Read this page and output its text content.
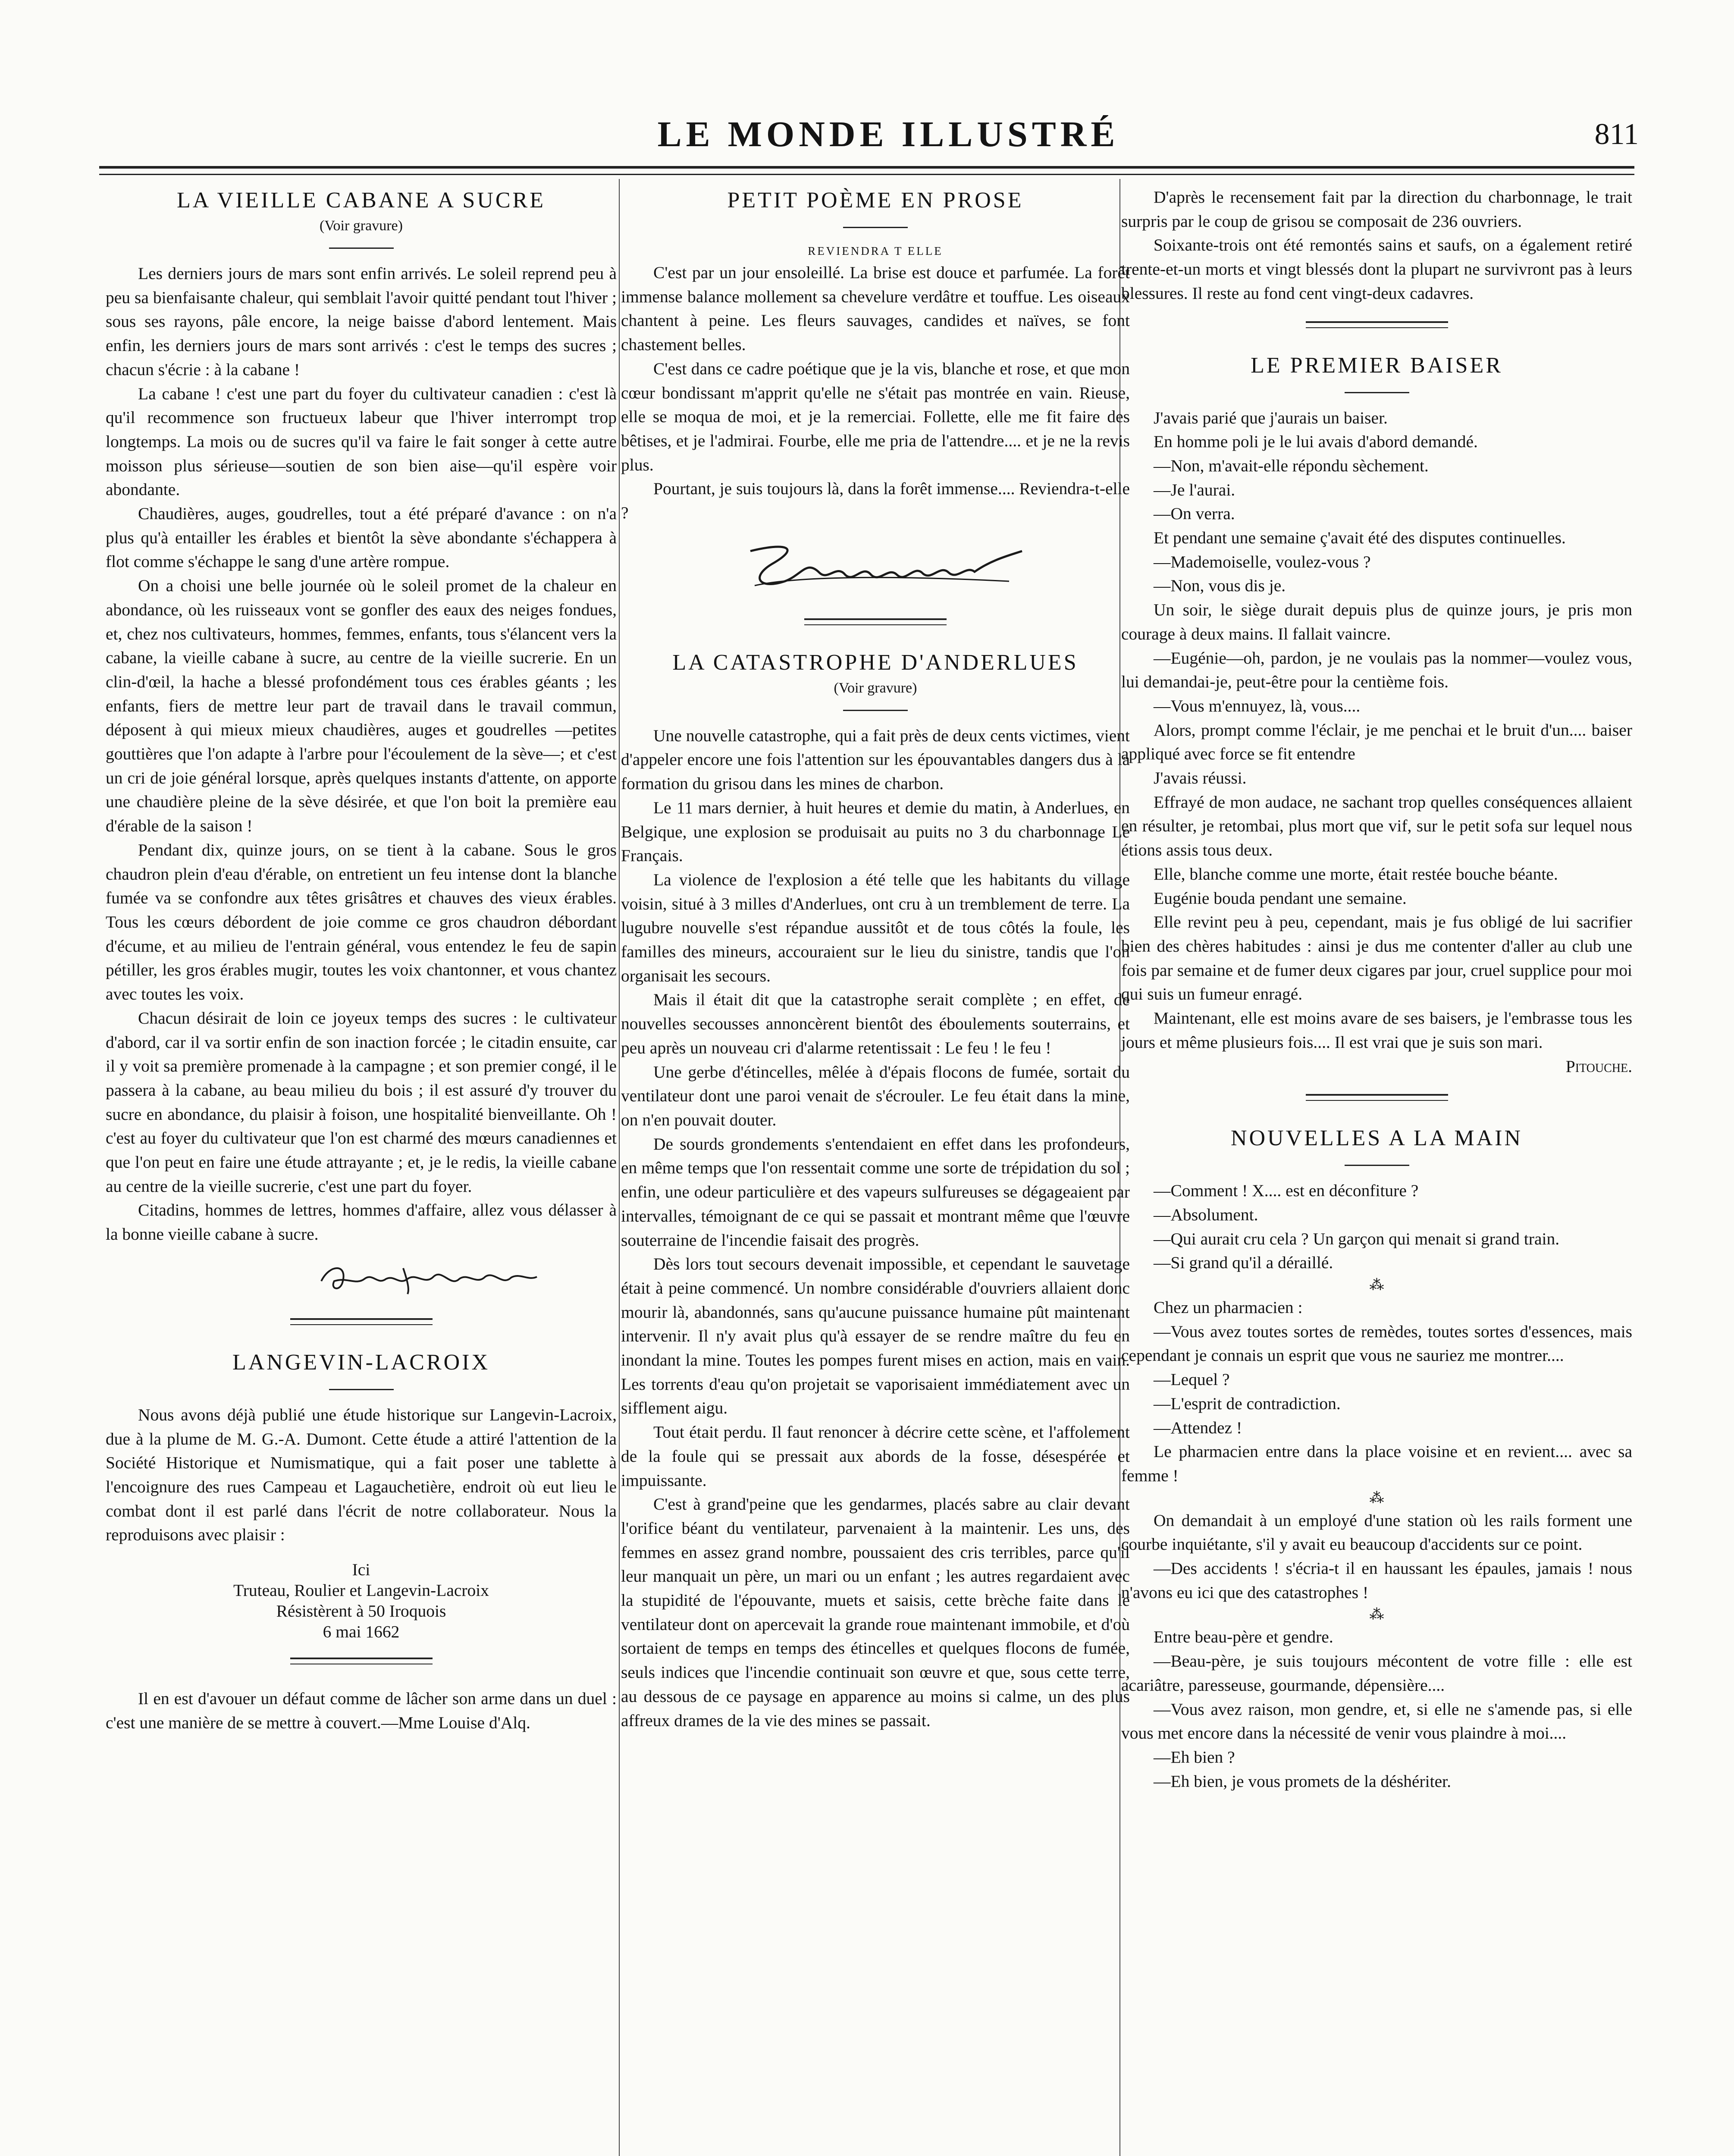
LE MONDE ILLUSTRÉ	811
LA VIEILLE CABANE A SUCRE
(Voir gravure)

Les derniers jours de mars sont enfin arrivés. Le soleil reprend peu à peu sa bienfaisante chaleur, qui semblait l'avoir quitté pendant tout l'hiver ; sous ses rayons, pâle encore, la neige baisse d'abord lentement. Mais enfin, les derniers jours de mars sont arrivés : c'est le temps des sucres ; chacun s'écrie : à la cabane !

La cabane ! c'est une part du foyer du cultivateur canadien : c'est là qu'il recommence son fructueux labeur que l'hiver interrompt trop longtemps. La mois ou de sucres qu'il va faire le fait songer à cette autre moisson plus sérieuse—soutien de son bien aise—qu'il espère voir abondante.

Chaudières, auges, goudrelles, tout a été préparé d'avance : on n'a plus qu'à entailler les érables et bientôt la sève abondante s'échappera à flot comme s'échappe le sang d'une artère rompue.

On a choisi une belle journée où le soleil promet de la chaleur en abondance, où les ruisseaux vont se gonfler des eaux des neiges fondues, et, chez nos cultivateurs, hommes, femmes, enfants, tous s'élancent vers la cabane, la vieille cabane à sucre, au centre de la vieille sucrerie. En un clin-d'œil, la hache a blessé profondément tous ces érables géants ; les enfants, fiers de mettre leur part de travail dans le travail commun, déposent à qui mieux mieux chaudières, auges et goudrelles —petites gouttières que l'on adapte à l'arbre pour l'écoulement de la sève—; et c'est un cri de joie général lorsque, après quelques instants d'attente, on apporte une chaudière pleine de la sève désirée, et que l'on boit la première eau d'érable de la saison !

Pendant dix, quinze jours, on se tient à la cabane. Sous le gros chaudron plein d'eau d'érable, on entretient un feu intense dont la blanche fumée va se confondre aux têtes grisâtres et chauves des vieux érables. Tous les cœurs débordent de joie comme ce gros chaudron débordant d'écume, et au milieu de l'entrain général, vous entendez le feu de sapin pétiller, les gros érables mugir, toutes les voix chantonner, et vous chantez avec toutes les voix.

Chacun désirait de loin ce joyeux temps des sucres : le cultivateur d'abord, car il va sortir enfin de son inaction forcée ; le citadin ensuite, car il y voit sa première promenade à la campagne ; et son premier congé, il le passera à la cabane, au beau milieu du bois ; il est assuré d'y trouver du sucre en abondance, du plaisir à foison, une hospitalité bienveillante. Oh ! c'est au foyer du cultivateur que l'on est charmé des mœurs canadiennes et que l'on peut en faire une étude attrayante ; et, je le redis, la vieille cabane au centre de la vieille sucrerie, c'est une part du foyer.

Citadins, hommes de lettres, hommes d'affaire, allez vous délasser à la bonne vieille cabane à sucre.

LANGEVIN-LACROIX

Nous avons déjà publié une étude historique sur Langevin-Lacroix, due à la plume de M. G.-A. Dumont. Cette étude a attiré l'attention de la Société Historique et Numismatique, qui a fait poser une tablette à l'encoignure des rues Campeau et Lagauchetière, endroit où eut lieu le combat dont il est parlé dans l'écrit de notre collaborateur. Nous la reproduisons avec plaisir :

Ici
Truteau, Roulier et Langevin-Lacroix
Résistèrent à 50 Iroquois
6 mai 1662

Il en est d'avouer un défaut comme de lâcher son arme dans un duel : c'est une manière de se mettre à couvert.—Mme Louise d'Alq.

PETIT POÈME EN PROSE
REVIENDRA T ELLE

C'est par un jour ensoleillé. La brise est douce et parfumée. La forêt immense balance mollement sa chevelure verdâtre et touffue. Les oiseaux chantent à peine. Les fleurs sauvages, candides et naïves, se font chastement belles.

C'est dans ce cadre poétique que je la vis, blanche et rose, et que mon cœur bondissant m'apprit qu'elle ne s'était pas montrée en vain. Rieuse, elle se moqua de moi, et je la remerciai. Follette, elle me fit faire des bêtises, et je l'admirai. Fourbe, elle me pria de l'attendre.... et je ne la revis plus.

Pourtant, je suis toujours là, dans la forêt immense.... Reviendra-t-elle ?

LA CATASTROPHE D'ANDERLUES
(Voir gravure)

Une nouvelle catastrophe, qui a fait près de deux cents victimes, vient d'appeler encore une fois l'attention sur les épouvantables dangers dus à la formation du grisou dans les mines de charbon.

Le 11 mars dernier, à huit heures et demie du matin, à Anderlues, en Belgique, une explosion se produisait au puits no 3 du charbonnage Le Français.

La violence de l'explosion a été telle que les habitants du village voisin, situé à 3 milles d'Anderlues, ont cru à un tremblement de terre. La lugubre nouvelle s'est répandue aussitôt et de tous côtés la foule, les familles des mineurs, accouraient sur le lieu du sinistre, tandis que l'on organisait les secours.

Mais il était dit que la catastrophe serait complète ; en effet, de nouvelles secousses annoncèrent bientôt des éboulements souterrains, et peu après un nouveau cri d'alarme retentissait : Le feu ! le feu !

Une gerbe d'étincelles, mêlée à d'épais flocons de fumée, sortait du ventilateur dont une paroi venait de s'écrouler. Le feu était dans la mine, on n'en pouvait douter.

De sourds grondements s'entendaient en effet dans les profondeurs, en même temps que l'on ressentait comme une sorte de trépidation du sol ; enfin, une odeur particulière et des vapeurs sulfureuses se dégageaient par intervalles, témoignant de ce qui se passait et montrant même que l'œuvre souterraine de l'incendie faisait des progrès.

Dès lors tout secours devenait impossible, et cependant le sauvetage était à peine commencé. Un nombre considérable d'ouvriers allaient donc mourir là, abandonnés, sans qu'aucune puissance humaine pût maintenant intervenir. Il n'y avait plus qu'à essayer de se rendre maître du feu en inondant la mine. Toutes les pompes furent mises en action, mais en vain. Les torrents d'eau qu'on projetait se vaporisaient immédiatement avec un sifflement aigu.

Tout était perdu. Il faut renoncer à décrire cette scène, et l'affolement de la foule qui se pressait aux abords de la fosse, désespérée et impuissante.

C'est à grand'peine que les gendarmes, placés sabre au clair devant l'orifice béant du ventilateur, parvenaient à la maintenir. Les uns, des femmes en assez grand nombre, poussaient des cris terribles, parce qu'il leur manquait un père, un mari ou un enfant ; les autres regardaient avec la stupidité de l'épouvante, muets et saisis, cette brèche faite dans le ventilateur dont on apercevait la grande roue maintenant immobile, et d'où sortaient de temps en temps des étincelles et quelques flocons de fumée, seuls indices que l'incendie continuait son œuvre et que, sous cette terre, au dessous de ce paysage en apparence au moins si calme, un des plus affreux drames de la vie des mines se passait.

D'après le recensement fait par la direction du charbonnage, le trait surpris par le coup de grisou se composait de 236 ouvriers.

Soixante-trois ont été remontés sains et saufs, on a également retiré trente-et-un morts et vingt blessés dont la plupart ne survivront pas à leurs blessures. Il reste au fond cent vingt-deux cadavres.

LE PREMIER BAISER

J'avais parié que j'aurais un baiser.

En homme poli je le lui avais d'abord demandé.

—Non, m'avait-elle répondu sèchement.

—Je l'aurai.

—On verra.

Et pendant une semaine ç'avait été des disputes continuelles.

—Mademoiselle, voulez-vous ?

—Non, vous dis je.

Un soir, le siège durait depuis plus de quinze jours, je pris mon courage à deux mains. Il fallait vaincre.

—Eugénie—oh, pardon, je ne voulais pas la nommer—voulez vous, lui demandai-je, peut-être pour la centième fois.

—Vous m'ennuyez, là, vous....

Alors, prompt comme l'éclair, je me penchai et le bruit d'un.... baiser appliqué avec force se fit entendre

J'avais réussi.

Effrayé de mon audace, ne sachant trop quelles conséquences allaient en résulter, je retombai, plus mort que vif, sur le petit sofa sur lequel nous étions assis tous deux.

Elle, blanche comme une morte, était restée bouche béante.

Eugénie bouda pendant une semaine.

Elle revint peu à peu, cependant, mais je fus obligé de lui sacrifier bien des chères habitudes : ainsi je dus me contenter d'aller au club une fois par semaine et de fumer deux cigares par jour, cruel supplice pour moi qui suis un fumeur enragé.

Maintenant, elle est moins avare de ses baisers, je l'embrasse tous les jours et même plusieurs fois.... Il est vrai que je suis son mari.

Pitouche.

NOUVELLES A LA MAIN

—Comment ! X.... est en déconfiture ?

—Absolument.

—Qui aurait cru cela ? Un garçon qui menait si grand train.

—Si grand qu'il a déraillé.

⁂

Chez un pharmacien :

—Vous avez toutes sortes de remèdes, toutes sortes d'essences, mais cependant je connais un esprit que vous ne sauriez me montrer....

—Lequel ?

—L'esprit de contradiction.

—Attendez !

Le pharmacien entre dans la place voisine et en revient.... avec sa femme !

⁂

On demandait à un employé d'une station où les rails forment une courbe inquiétante, s'il y avait eu beaucoup d'accidents sur ce point.

—Des accidents ! s'écria-t il en haussant les épaules, jamais ! nous n'avons eu ici que des catastrophes !

⁂

Entre beau-père et gendre.

—Beau-père, je suis toujours mécontent de votre fille : elle est acariâtre, paresseuse, gourmande, dépensière....

—Vous avez raison, mon gendre, et, si elle ne s'amende pas, si elle vous met encore dans la nécessité de venir vous plaindre à moi....

—Eh bien ?

—Eh bien, je vous promets de la déshériter.
